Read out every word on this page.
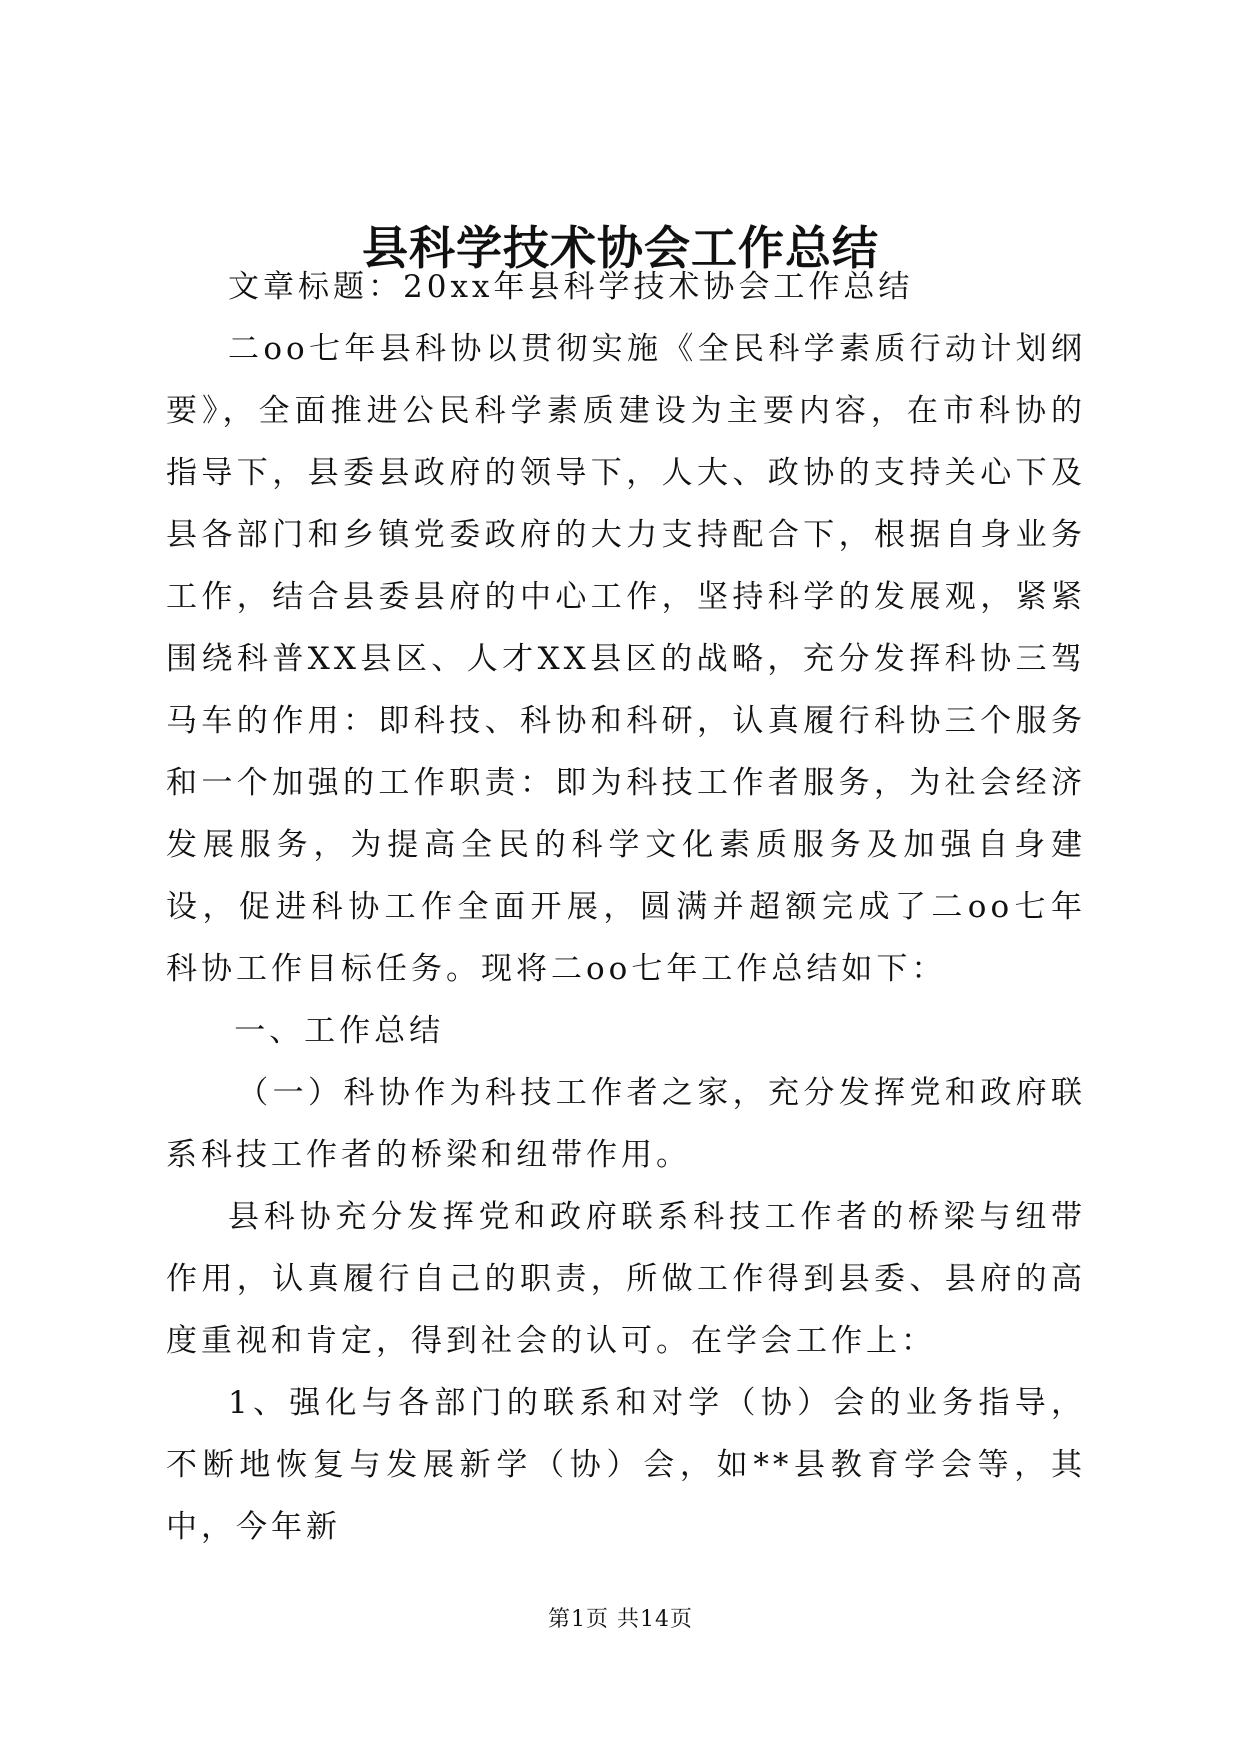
县科学技术协会工作总结

文章标题：20xx年县科学技术协会工作总结

二oo七年县科协以贯彻实施《全民科学素质行动计划纲要》，全面推进公民科学素质建设为主要内容，在市科协的指导下，县委县政府的领导下，人大、政协的支持关心下及县各部门和乡镇党委政府的大力支持配合下，根据自身业务工作，结合县委县府的中心工作，坚持科学的发展观，紧紧围绕科普XX县区、人才XX县区的战略，充分发挥科协三驾马车的作用：即科技、科协和科研，认真履行科协三个服务和一个加强的工作职责：即为科技工作者服务，为社会经济发展服务，为提高全民的科学文化素质服务及加强自身建设，促进科协工作全面开展，圆满并超额完成了二oo七年科协工作目标任务。现将二oo七年工作总结如下：

一、工作总结

（一）科协作为科技工作者之家，充分发挥党和政府联系科技工作者的桥梁和纽带作用。

县科协充分发挥党和政府联系科技工作者的桥梁与纽带作用，认真履行自己的职责，所做工作得到县委、县府的高度重视和肯定，得到社会的认可。在学会工作上：

1、强化与各部门的联系和对学（协）会的业务指导，不断地恢复与发展新学（协）会，如**县教育学会等，其中，今年新

第1页 共14页
